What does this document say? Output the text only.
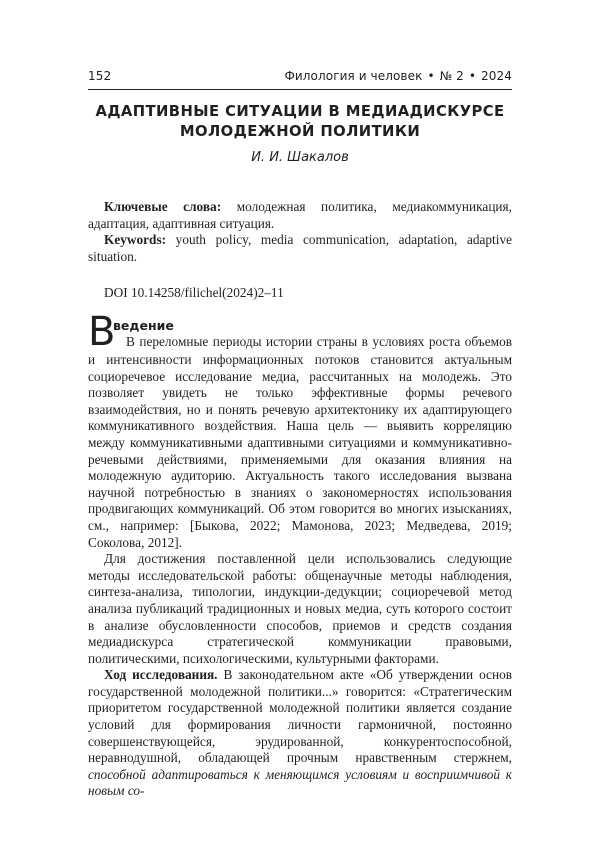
152	Филология и человек • № 2 • 2024
АДАПТИВНЫЕ СИТУАЦИИ В МЕДИАДИСКУРСЕ
МОЛОДЕЖНОЙ ПОЛИТИКИ
И. И. Шакалов
Ключевые слова: молодежная политика, медиакоммуникация, адаптация, адаптивная ситуация.
Keywords: youth policy, media communication, adaptation, adaptive situation.
DOI 10.14258/filichel(2024)2–11
В
ведение
В переломные периоды истории страны в условиях роста объемов

и интенсивности информационных потоков становится актуальным социоречевое исследование медиа, рассчитанных на молодежь. Это позволяет увидеть не только эффективные формы речевого взаимодействия, но и понять речевую архитектонику их адаптирующего коммуникативного воздействия. Наша цель — выявить корреляцию между коммуникативными адаптивными ситуациями и коммуникативно-речевыми действиями, применяемыми для оказания влияния на молодежную аудиторию. Актуальность такого исследования вызвана научной потребностью в знаниях о закономерностях использования продвигающих коммуникаций. Об этом говорится во многих изысканиях, см., например: [Быкова, 2022; Мамонова, 2023; Медведева, 2019; Соколова, 2012].

Для достижения поставленной цели использовались следующие методы исследовательской работы: общенаучные методы наблюдения, синтеза-анализа, типологии, индукции-дедукции; социоречевой метод анализа публикаций традиционных и новых медиа, суть которого состоит в анализе обусловленности способов, приемов и средств создания медиадискурса стратегической коммуникации правовыми, политическими, психологическими, культурными факторами.

Ход исследования. В законодательном акте «Об утверждении основ государственной молодежной политики...» говорится: «Стратегическим приоритетом государственной молодежной политики является создание условий для формирования личности гармоничной, постоянно совершенствующейся, эрудированной, конкурентоспособной, неравнодушной, обладающей прочным нравственным стержнем, способной адаптироваться к меняющимся условиям и восприимчивой к новым со-
